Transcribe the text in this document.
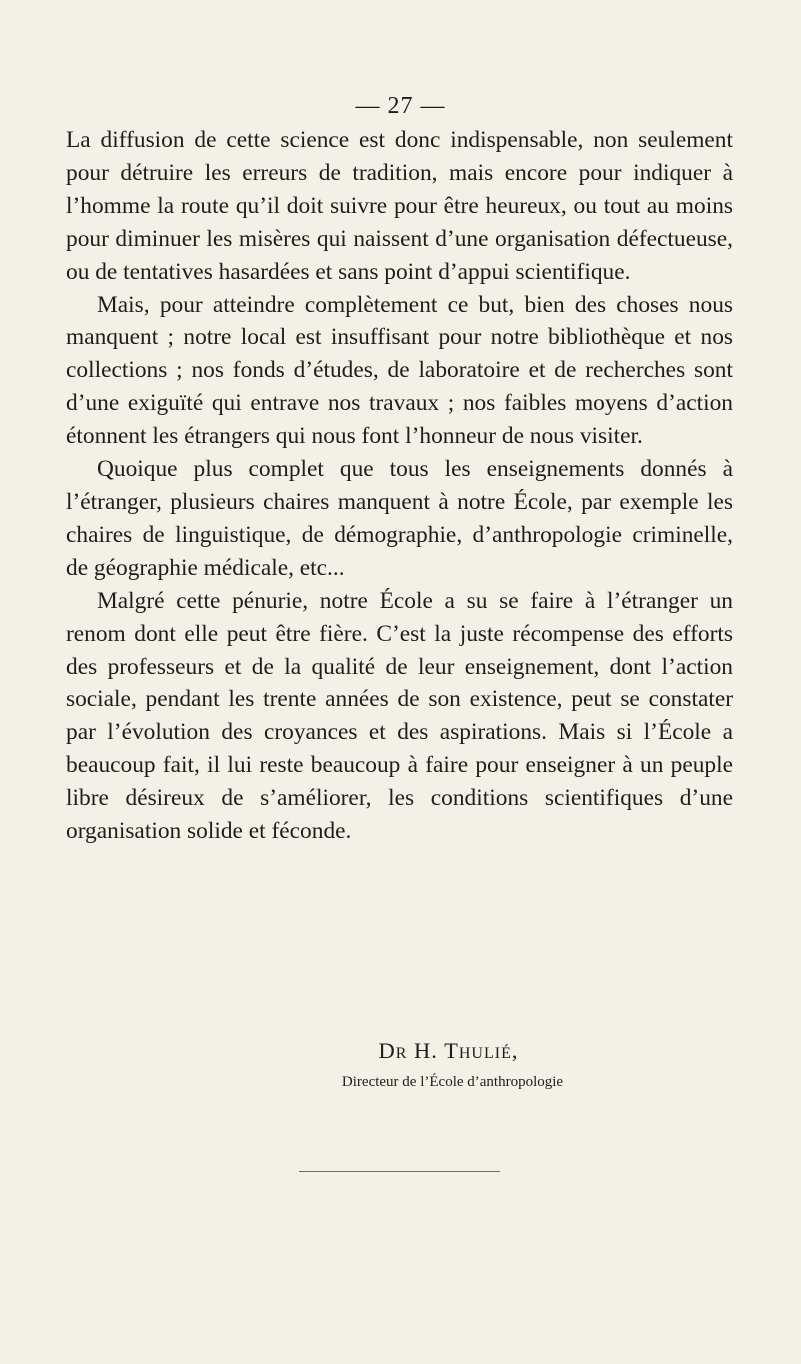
— 27 —

La diffusion de cette science est donc indispensable, non seulement pour détruire les erreurs de tradition, mais encore pour indiquer à l’homme la route qu’il doit suivre pour être heureux, ou tout au moins pour diminuer les misères qui naissent d’une organisation défectueuse, ou de tentatives hasardées et sans point d’appui scientifique.

Mais, pour atteindre complètement ce but, bien des choses nous manquent ; notre local est insuffisant pour notre bibliothèque et nos collections ; nos fonds d’études, de laboratoire et de recherches sont d’une exiguïté qui entrave nos travaux ; nos faibles moyens d’action étonnent les étrangers qui nous font l’honneur de nous visiter.

Quoique plus complet que tous les enseignements donnés à l’étranger, plusieurs chaires manquent à notre École, par exemple les chaires de linguistique, de démographie, d’anthropologie criminelle, de géographie médicale, etc...

Malgré cette pénurie, notre École a su se faire à l’étranger un renom dont elle peut être fière. C’est la juste récompense des efforts des professeurs et de la qualité de leur enseignement, dont l’action sociale, pendant les trente années de son existence, peut se constater par l’évolution des croyances et des aspirations. Mais si l’École a beaucoup fait, il lui reste beaucoup à faire pour enseigner à un peuple libre désireux de s’améliorer, les conditions scientifiques d’une organisation solide et féconde.

Dr H. Thulié,
Directeur de l’École d’anthropologie
